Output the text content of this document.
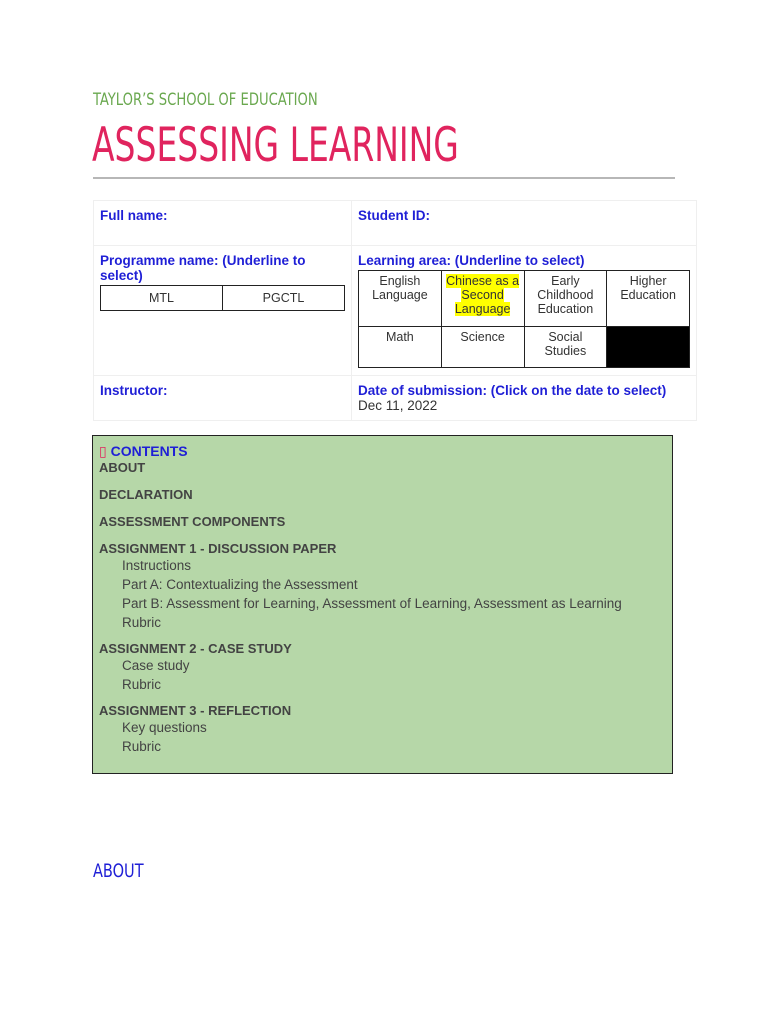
TAYLOR’S SCHOOL OF EDUCATION
ASSESSING LEARNING
Full name:	Student ID:

Programme name: (Underline to select)
MTL	PGCTL

Learning area: (Underline to select)
English Language	Chinese as a Second Language	Early Childhood Education	Higher Education
Math	Science	Social Studies	

Instructor:	Date of submission: (Click on the date to select)
Dec 11, 2022
▯ CONTENTS
ABOUT
DECLARATION
ASSESSMENT COMPONENTS
ASSIGNMENT 1 - DISCUSSION PAPER
Instructions
Part A: Contextualizing the Assessment
Part B: Assessment for Learning, Assessment of Learning, Assessment as Learning
Rubric
ASSIGNMENT 2 - CASE STUDY
Case study
Rubric
ASSIGNMENT 3 - REFLECTION
Key questions
Rubric
ABOUT
